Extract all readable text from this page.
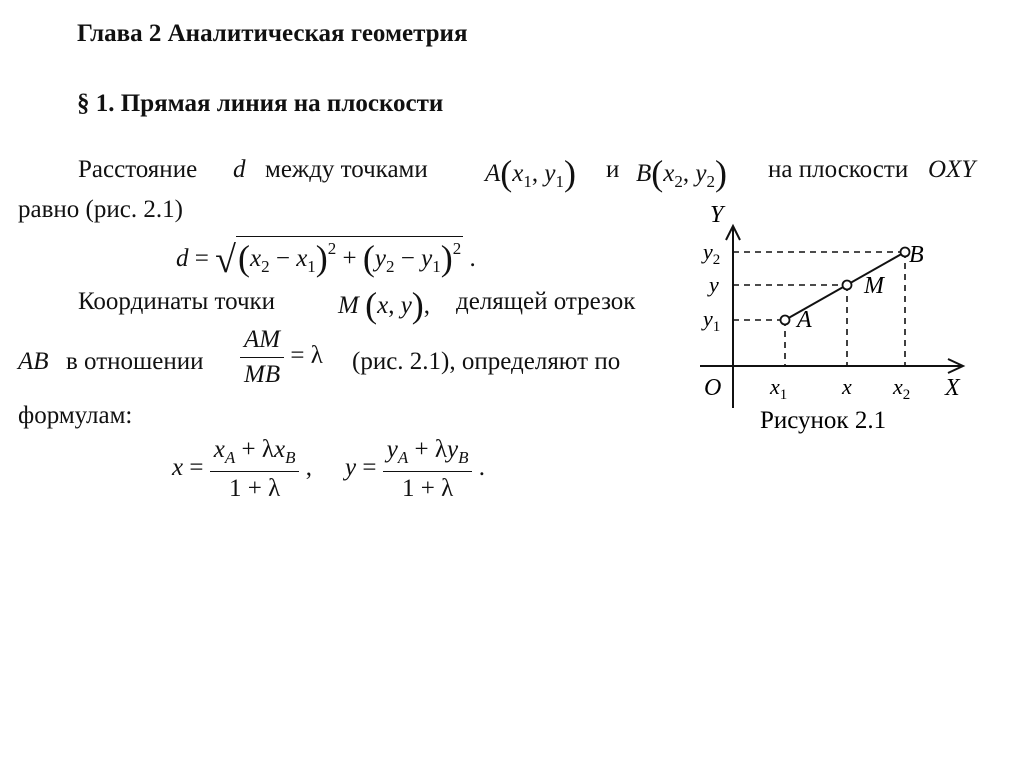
Глава 2 Аналитическая геометрия
§ 1. Прямая линия на плоскости
Расстояние d между точками $A(x_1$, $y_1$) и $B(x_2$, $y_2$) на плоскости OXY
равно (рис. 2.1)
$d = √(x_2 - x_1)^2 + (y_2 - y_1)^2$ .
Координаты точки	M (x, y), делящей отрезок
AB в отношении $\frac{AM}{MB} = \lambda$ (рис. 2.1), определяют по
формулам:
$x = \frac{x_A + \lambda x_B}{1 + \lambda}$ , $y = \frac{y_A + \lambda y_B}{1 + \lambda}$ .
Y
X
O
B
M
A
$y_2$
y
$y_1$
$x_1$ x $x_2$
Рисунок 2.1
